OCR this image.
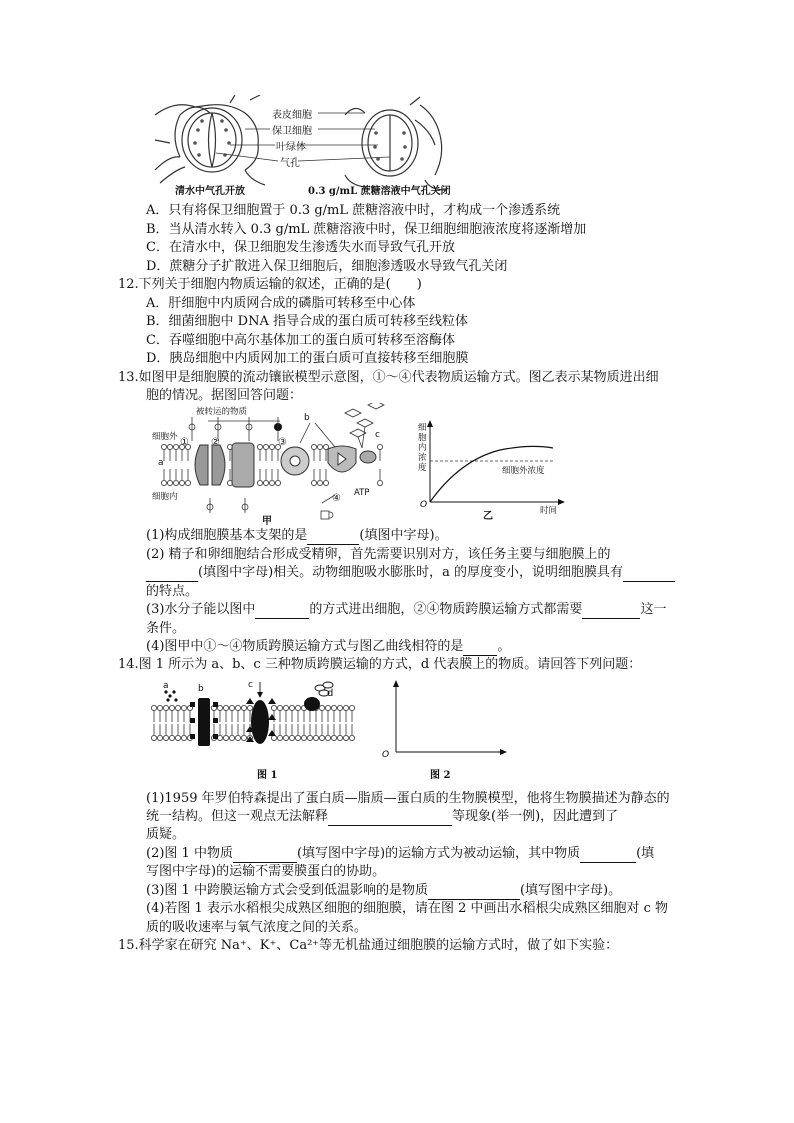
表皮细胞
保卫细胞
叶绿体
气孔
清水中气孔开放	0.3 g/mL 蔗糖溶液中气孔关闭
A．只有将保卫细胞置于 0.3 g/mL 蔗糖溶液中时，才构成一个渗透系统
B．当从清水转入 0.3 g/mL 蔗糖溶液中时，保卫细胞细胞液浓度将逐渐增加
C．在清水中，保卫细胞发生渗透失水而导致气孔开放
D．蔗糖分子扩散进入保卫细胞后，细胞渗透吸水导致气孔关闭
12.下列关于细胞内物质运输的叙述，正确的是(　　)
A．肝细胞中内质网合成的磷脂可转移至中心体
B．细菌细胞中 DNA 指导合成的蛋白质可转移至线粒体
C．吞噬细胞中高尔基体加工的蛋白质可转移至溶酶体
D．胰岛细胞中内质网加工的蛋白质可直接转移至细胞膜
13.如图甲是细胞膜的流动镶嵌模型示意图，①～④代表物质运输方式。图乙表示某物质进出细
胞的情况。据图回答问题：
被转运的物质
细胞外
细胞内
a
b
c
① ②	③
④ ATP
甲
细
胞
内
浓
度	细胞外浓度
O
时间
乙
(1)构成细胞膜基本支架的是	(填图中字母)。
(2) 精子和卵细胞结合形成受精卵，首先需要识别对方，该任务主要与细胞膜上的
(填图中字母)相关。动物细胞吸水膨胀时，a 的厚度变小，说明细胞膜具有
的特点。
(3)水分子能以图中	的方式进出细胞，②④物质跨膜运输方式都需要	这一
条件。
(4)图甲中①～④物质跨膜运输方式与图乙曲线相符的是	。
14.图 1 所示为 a、b、c 三种物质跨膜运输的方式，d 代表膜上的物质。请回答下列问题：
a	b	c
d
图 1
O
图 2
(1)1959 年罗伯特森提出了蛋白质—脂质—蛋白质的生物膜模型，他将生物膜描述为静态的
统一结构。但这一观点无法解释	等现象(举一例)，因此遭到了
质疑。
(2)图 1 中物质	(填写图中字母)的运输方式为被动运输，其中物质	(填
写图中字母)的运输不需要膜蛋白的协助。
(3)图 1 中跨膜运输方式会受到低温影响的是物质	(填写图中字母)。
(4)若图 1 表示水稻根尖成熟区细胞的细胞膜，请在图 2 中画出水稻根尖成熟区细胞对 c 物
质的吸收速率与氧气浓度之间的关系。
15.科学家在研究 Na⁺、K⁺、Ca²⁺等无机盐通过细胞膜的运输方式时，做了如下实验：
